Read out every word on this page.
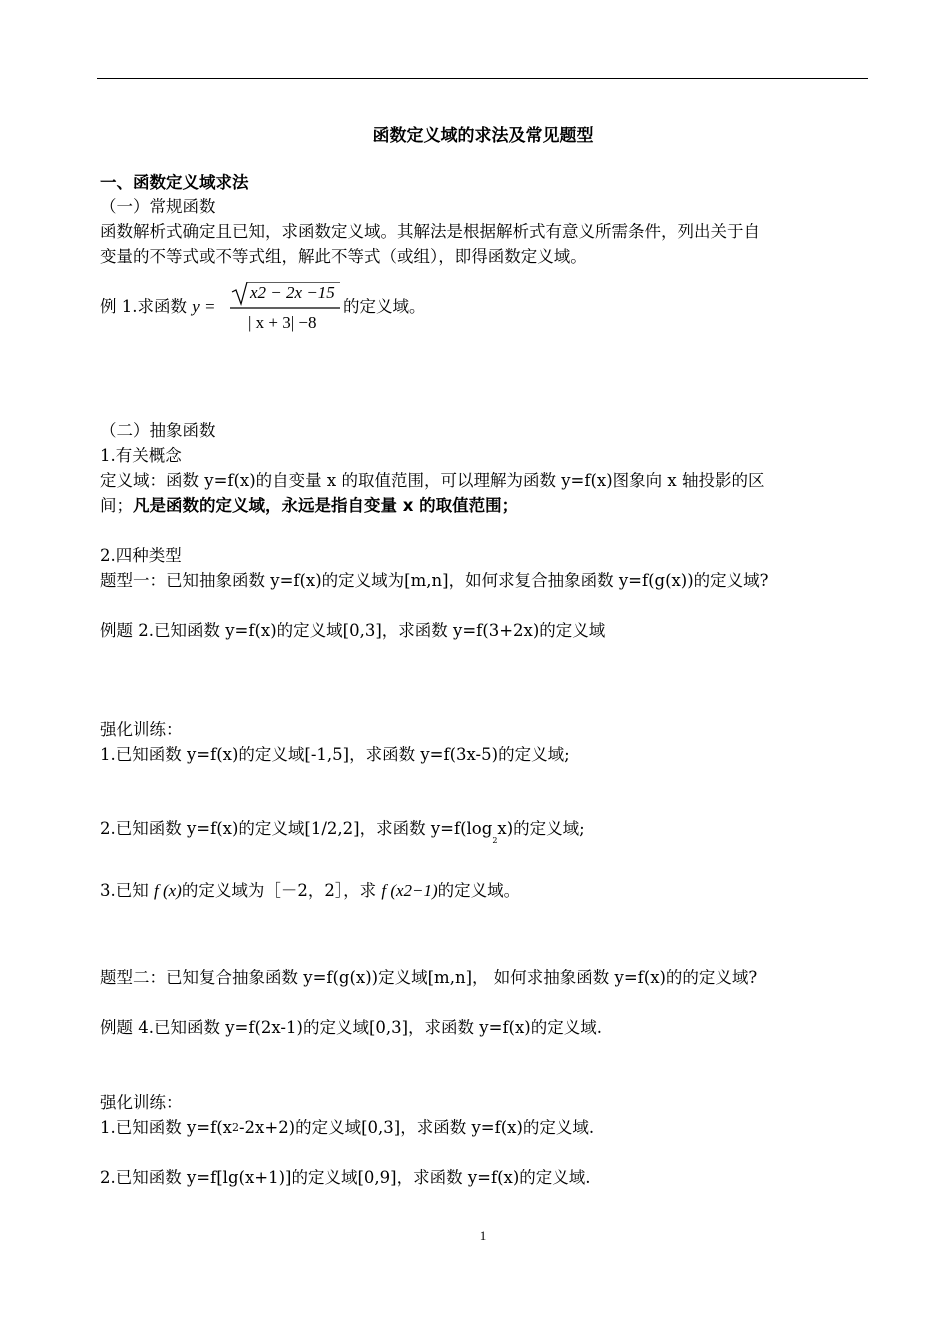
函数定义域的求法及常见题型
一、函数定义域求法
（一）常规函数
函数解析式确定且已知，求函数定义域。其解法是根据解析式有意义所需条件，列出关于自
变量的不等式或不等式组，解此不等式（或组），即得函数定义域。
例 1.求函数 y =
x2 − 2x −15
| x + 3| −8
的定义域。
（二）抽象函数
1.有关概念
定义域：函数 y=f(x)的自变量 x 的取值范围，可以理解为函数 y=f(x)图象向 x 轴投影的区
间；凡是函数的定义域，永远是指自变量 x 的取值范围；
2.四种类型
题型一：已知抽象函数 y=f(x)的定义域为[m,n]，如何求复合抽象函数 y=f(g(x))的定义域?
例题 2.已知函数 y=f(x)的定义域[0,3]，求函数 y=f(3+2x)的定义域
强化训练：
1.已知函数 y=f(x)的定义域[-1,5]，求函数 y=f(3x-5)的定义域;
2.已知函数 y=f(x)的定义域[1/2,2]，求函数 $y=f(\log_2x)$的定义域;
3.已知 f (x)的定义域为［－2，2］，求 f (x2−1)的定义域。
题型二：已知复合抽象函数 y=f(g(x))定义域[m,n]， 如何求抽象函数 y=f(x)的的定义域?
例题 4.已知函数 y=f(2x-1)的定义域[0,3]，求函数 y=f(x)的定义域.
强化训练：
1.已知函数 y=f(x2-2x+2)的定义域[0,3]，求函数 y=f(x)的定义域.
2.已知函数 y=f[lg(x+1)]的定义域[0,9]，求函数 y=f(x)的定义域.
1
